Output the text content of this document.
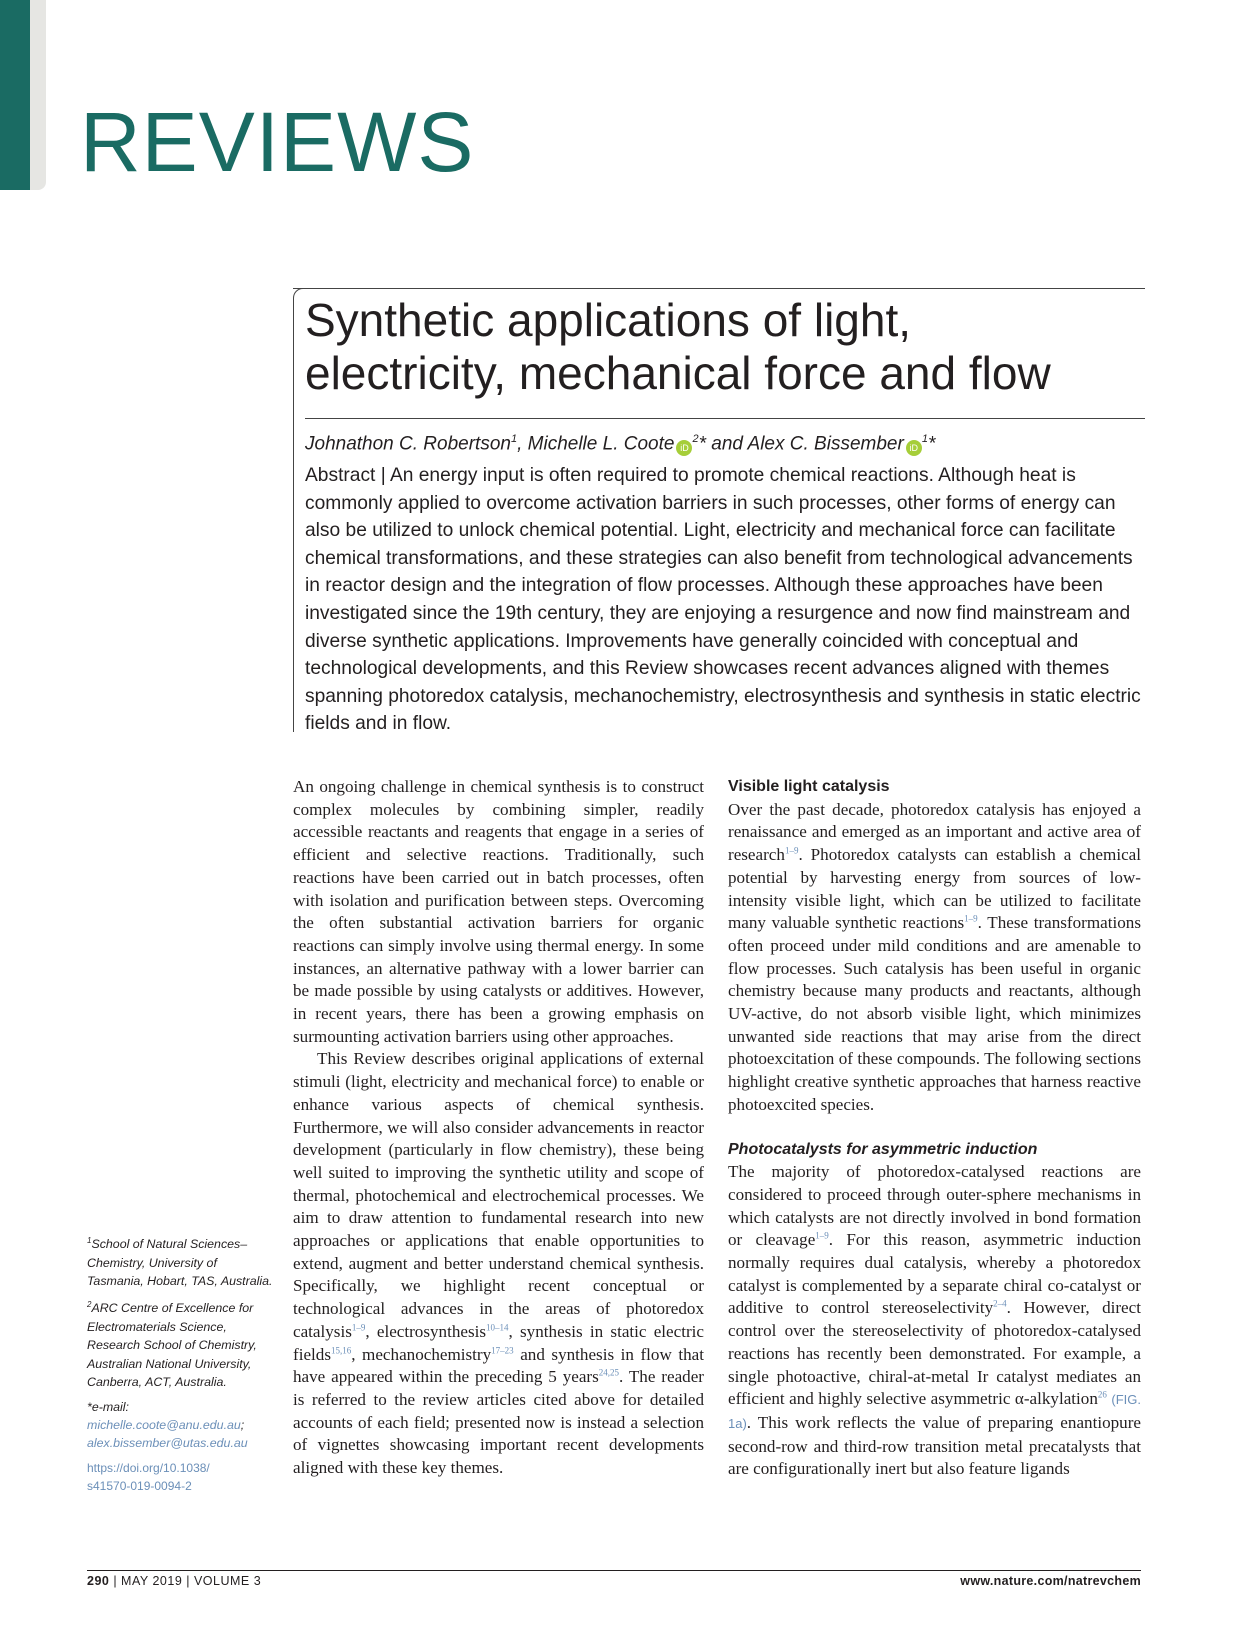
REVIEWS
Synthetic applications of light,
electricity, mechanical force and flow
Johnathon C. Robertson$^1$, Michelle L. Coote $iD^2*$ and Alex C. Bissember $iD^1*$

Abstract | An energy input is often required to promote chemical reactions. Although heat is commonly applied to overcome activation barriers in such processes, other forms of energy can also be utilized to unlock chemical potential. Light, electricity and mechanical force can facilitate chemical transformations, and these strategies can also benefit from technological advancements in reactor design and the integration of flow processes. Although these approaches have been investigated since the 19th century, they are enjoying a resurgence and now find mainstream and diverse synthetic applications. Improvements have generally coincided with conceptual and technological developments, and this Review showcases recent advances aligned with themes spanning photoredox catalysis, mechanochemistry, electrosynthesis and synthesis in static electric fields and in flow.

An ongoing challenge in chemical synthesis is to construct complex molecules by combining simpler, readily accessible reactants and reagents that engage in a series of efficient and selective reactions. Traditionally, such reactions have been carried out in batch processes, often with isolation and purification between steps. Overcoming the often substantial activation barriers for organic reactions can simply involve using thermal energy. In some instances, an alternative pathway with a lower barrier can be made possible by using catalysts or additives. However, in recent years, there has been a growing emphasis on surmounting activation barriers using other approaches.

This Review describes original applications of external stimuli (light, electricity and mechanical force) to enable or enhance various aspects of chemical synthesis. Furthermore, we will also consider advancements in reactor development (particularly in flow chemistry), these being well suited to improving the synthetic utility and scope of thermal, photochemical and electrochemical processes. We aim to draw attention to fundamental research into new approaches or applications that enable opportunities to extend, augment and better understand chemical synthesis. Specifically, we highlight recent conceptual or technological advances in the areas of photoredox catalysis$^{1-9}$, electrosynthesis$^{10-14}$, synthesis in static electric fields$^{15,16}$, mechanochemistry$^{17-23}$ and synthesis in flow that have appeared within the preceding 5 years$^{24,25}$. The reader is referred to the review articles cited above for detailed accounts of each field; presented now is instead a selection of vignettes showcasing important recent developments aligned with these key themes.

Visible light catalysis

Over the past decade, photoredox catalysis has enjoyed a renaissance and emerged as an important and active area of research$^{1-9}$. Photoredox catalysts can establish a chemical potential by harvesting energy from sources of low-intensity visible light, which can be utilized to facilitate many valuable synthetic reactions$^{1-9}$. These transformations often proceed under mild conditions and are amenable to flow processes. Such catalysis has been useful in organic chemistry because many products and reactants, although UV-active, do not absorb visible light, which minimizes unwanted side reactions that may arise from the direct photoexcitation of these compounds. The following sections highlight creative synthetic approaches that harness reactive photoexcited species.

Photocatalysts for asymmetric induction

The majority of photoredox-catalysed reactions are considered to proceed through outer-sphere mechanisms in which catalysts are not directly involved in bond formation or cleavage$^{1-9}$. For this reason, asymmetric induction normally requires dual catalysis, whereby a photoredox catalyst is complemented by a separate chiral co-catalyst or additive to control stereoselectivity$^{2-4}$. However, direct control over the stereoselectivity of photoredox-catalysed reactions has recently been demonstrated. For example, a single photoactive, chiral-at-metal Ir catalyst mediates an efficient and highly selective asymmetric α-alkylation$^{26}$ (FIG. 1a). This work reflects the value of preparing enantiopure second-row and third-row transition metal precatalysts that are configurationally inert but also feature ligands

$^1$School of Natural Sciences–Chemistry, University of Tasmania, Hobart, TAS, Australia.

$^2$ARC Centre of Excellence for Electromaterials Science, Research School of Chemistry, Australian National University, Canberra, ACT, Australia.

*e-mail: michelle.coote@anu.edu.au; alex.bissember@utas.edu.au

https://doi.org/10.1038/
s41570-019-0094-2

290 | MAY 2019 | VOLUME 3	www.nature.com/natrevchem
